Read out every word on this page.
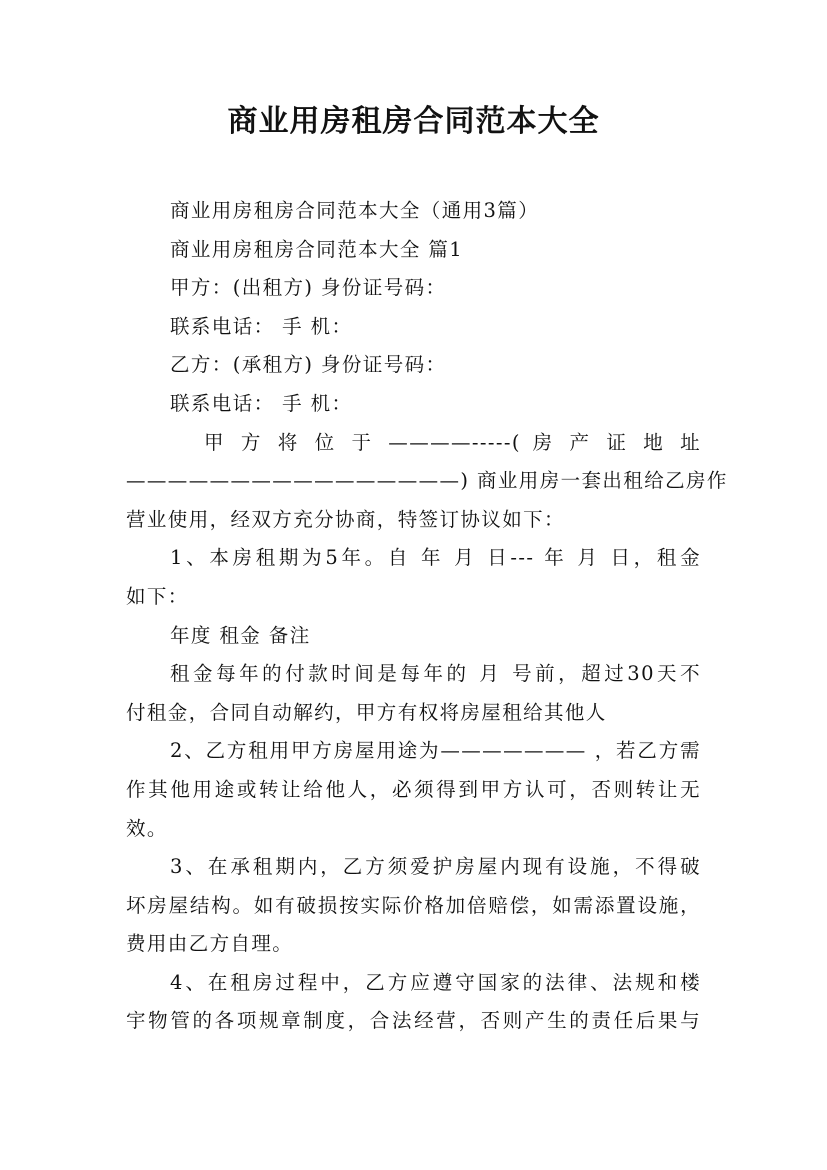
商业用房租房合同范本大全
商业用房租房合同范本大全（通用3篇）
商业用房租房合同范本大全 篇1
甲方：(出租方) 身份证号码：
联系电话： 手 机：
乙方：(承租方) 身份证号码：
联系电话： 手 机：
甲 方 将 位 于 ————-----( 房 产 证 地 址
————————————————) 商业用房一套出租给乙房作
营业使用，经双方充分协商，特签订协议如下：
1、本房租期为5年。自 年 月 日--- 年 月 日，租金
如下：
年度 租金 备注
租金每年的付款时间是每年的 月 号前，超过30天不
付租金，合同自动解约，甲方有权将房屋租给其他人
2、乙方租用甲方房屋用途为——————— ，若乙方需
作其他用途或转让给他人，必须得到甲方认可，否则转让无
效。
3、在承租期内，乙方须爱护房屋内现有设施，不得破
坏房屋结构。如有破损按实际价格加倍赔偿，如需添置设施，
费用由乙方自理。
4、在租房过程中，乙方应遵守国家的法律、法规和楼
宇物管的各项规章制度，合法经营，否则产生的责任后果与
